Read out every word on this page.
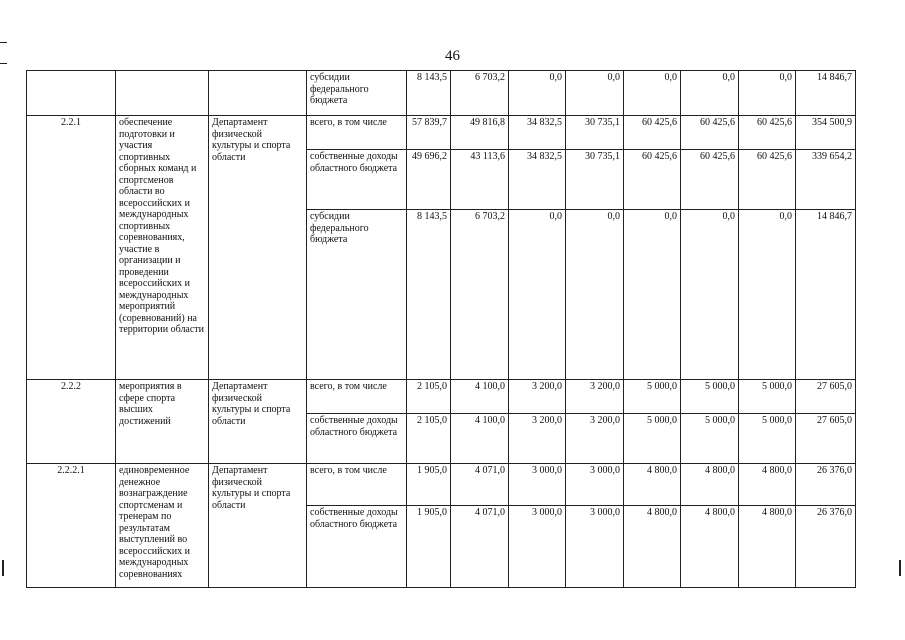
46
			субсидии федерального бюджета	8 143,5	6 703,2	0,0	0,0	0,0	0,0	0,0	14 846,7
2.2.1	обеспечение подготовки и участия спортивных сборных команд и спортсменов области во всероссийских и международных спортивных соревнованиях, участие в организации и проведении всероссийских и международных мероприятий (соревнований) на территории области	Департамент физической культуры и спорта области	всего, в том числе	57 839,7	49 816,8	34 832,5	30 735,1	60 425,6	60 425,6	60 425,6	354 500,9
			собственные доходы областного бюджета	49 696,2	43 113,6	34 832,5	30 735,1	60 425,6	60 425,6	60 425,6	339 654,2
			субсидии федерального бюджета	8 143,5	6 703,2	0,0	0,0	0,0	0,0	0,0	14 846,7
2.2.2	мероприятия в сфере спорта высших достижений	Департамент физической культуры и спорта области	всего, в том числе	2 105,0	4 100,0	3 200,0	3 200,0	5 000,0	5 000,0	5 000,0	27 605,0
			собственные доходы областного бюджета	2 105,0	4 100,0	3 200,0	3 200,0	5 000,0	5 000,0	5 000,0	27 605,0
2.2.2.1	единовременное денежное вознаграждение спортсменам и тренерам по результатам выступлений во всероссийских и международных соревнованиях	Департамент физической культуры и спорта области	всего, в том числе	1 905,0	4 071,0	3 000,0	3 000,0	4 800,0	4 800,0	4 800,0	26 376,0
			собственные доходы областного бюджета	1 905,0	4 071,0	3 000,0	3 000,0	4 800,0	4 800,0	4 800,0	26 376,0
